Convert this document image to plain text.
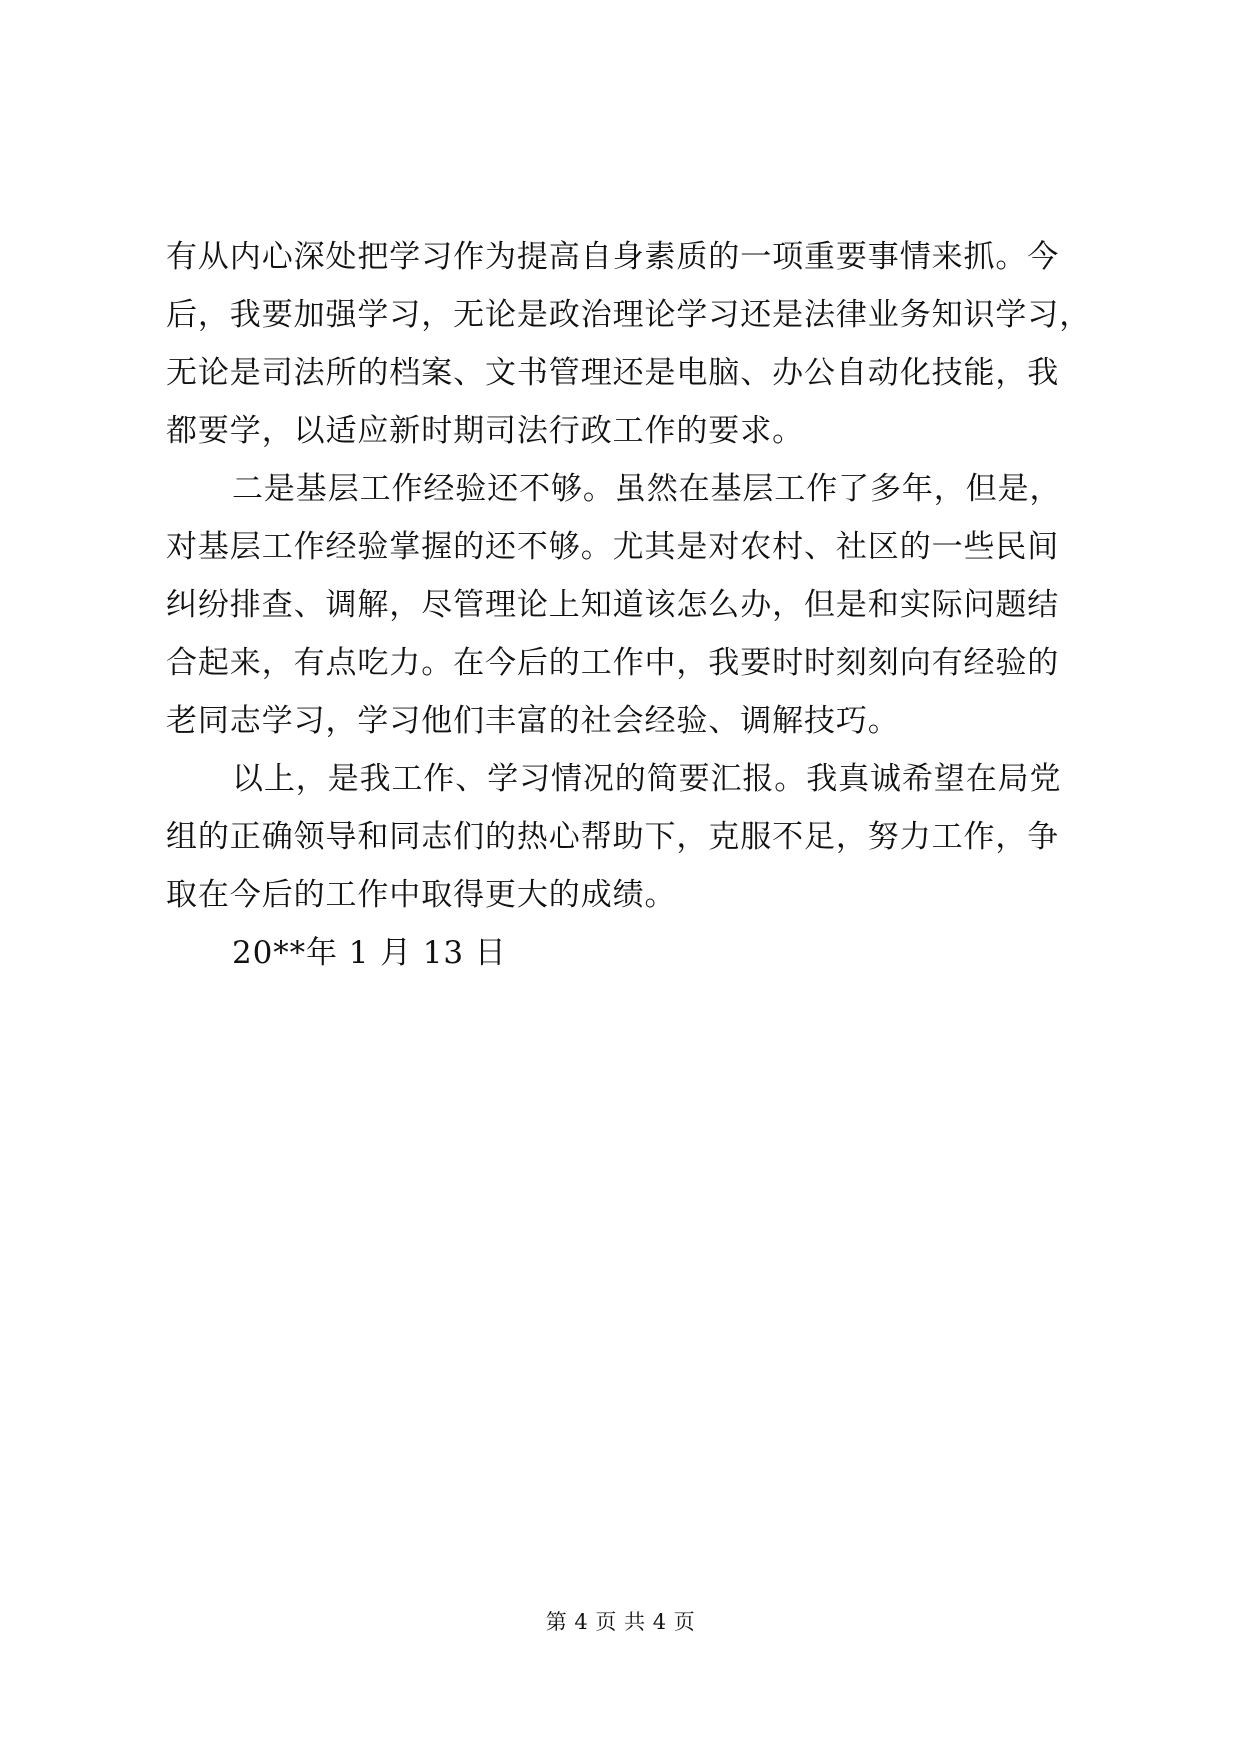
有从内心深处把学习作为提高自身素质的一项重要事情来抓。今
后，我要加强学习，无论是政治理论学习还是法律业务知识学习，
无论是司法所的档案、文书管理还是电脑、办公自动化技能，我
都要学，以适应新时期司法行政工作的要求。
二是基层工作经验还不够。虽然在基层工作了多年，但是，
对基层工作经验掌握的还不够。尤其是对农村、社区的一些民间
纠纷排查、调解，尽管理论上知道该怎么办，但是和实际问题结
合起来，有点吃力。在今后的工作中，我要时时刻刻向有经验的
老同志学习，学习他们丰富的社会经验、调解技巧。
以上，是我工作、学习情况的简要汇报。我真诚希望在局党
组的正确领导和同志们的热心帮助下，克服不足，努力工作，争
取在今后的工作中取得更大的成绩。
20**年 1 月 13 日
第 4 页 共 4 页
